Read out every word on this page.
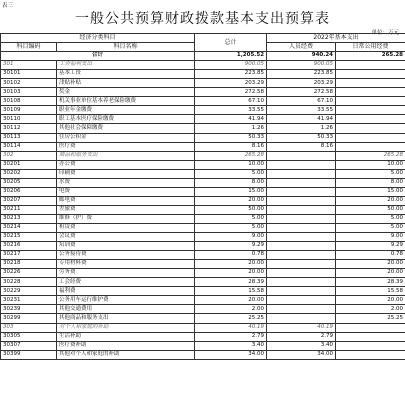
表三
一般公共预算财政拨款基本支出预算表
单位：万元
经济分类科目		总计	2022年基本支出	
科目编码	科目名称		人员经费	日常公用经费
合计		1,205.52	940.24	265.28
301	工资福利支出	900.05	900.05	
30101	基本工资	223.85	223.85	
30102	津贴补贴	203.29	203.29	
30103	奖金	272.58	272.58	
30108	机关事业单位基本养老保险缴费	67.10	67.10	
30109	职业年金缴费	33.55	33.55	
30110	职工基本医疗保险缴费	41.94	41.94	
30112	其他社会保障缴费	1.26	1.26	
30113	住房公积金	50.33	50.33	
30114	医疗费	8.16	8.16	
302	商品和服务支出	265.28		265.28
30201	办公费	10.00		10.00
30202	印刷费	5.00		5.00
30205	水费	8.00		8.00
30206	电费	15.00		15.00
30207	邮电费	20.00		20.00
30211	差旅费	50.00		50.00
30213	维修（护）费	5.00		5.00
30214	租赁费	5.00		5.00
30215	会议费	9.00		9.00
30216	培训费	9.29		9.29
30217	公务接待费	0.78		0.78
30218	专用材料费	20.00		20.00
30226	劳务费	20.00		20.00
30228	工会经费	28.39		28.39
30229	福利费	15.58		15.58
30231	公务用车运行维护费	20.00		20.00
30239	其他交通费用	2.00		2.00
30299	其他商品和服务支出	25.25		25.25
303	对个人和家庭的补助	40.19	40.19	
30305	生活补助	2.79	2.79	
30307	医疗费补助	3.40	3.40	
30399	其他对个人和家庭的补助	34.00	34.00	
